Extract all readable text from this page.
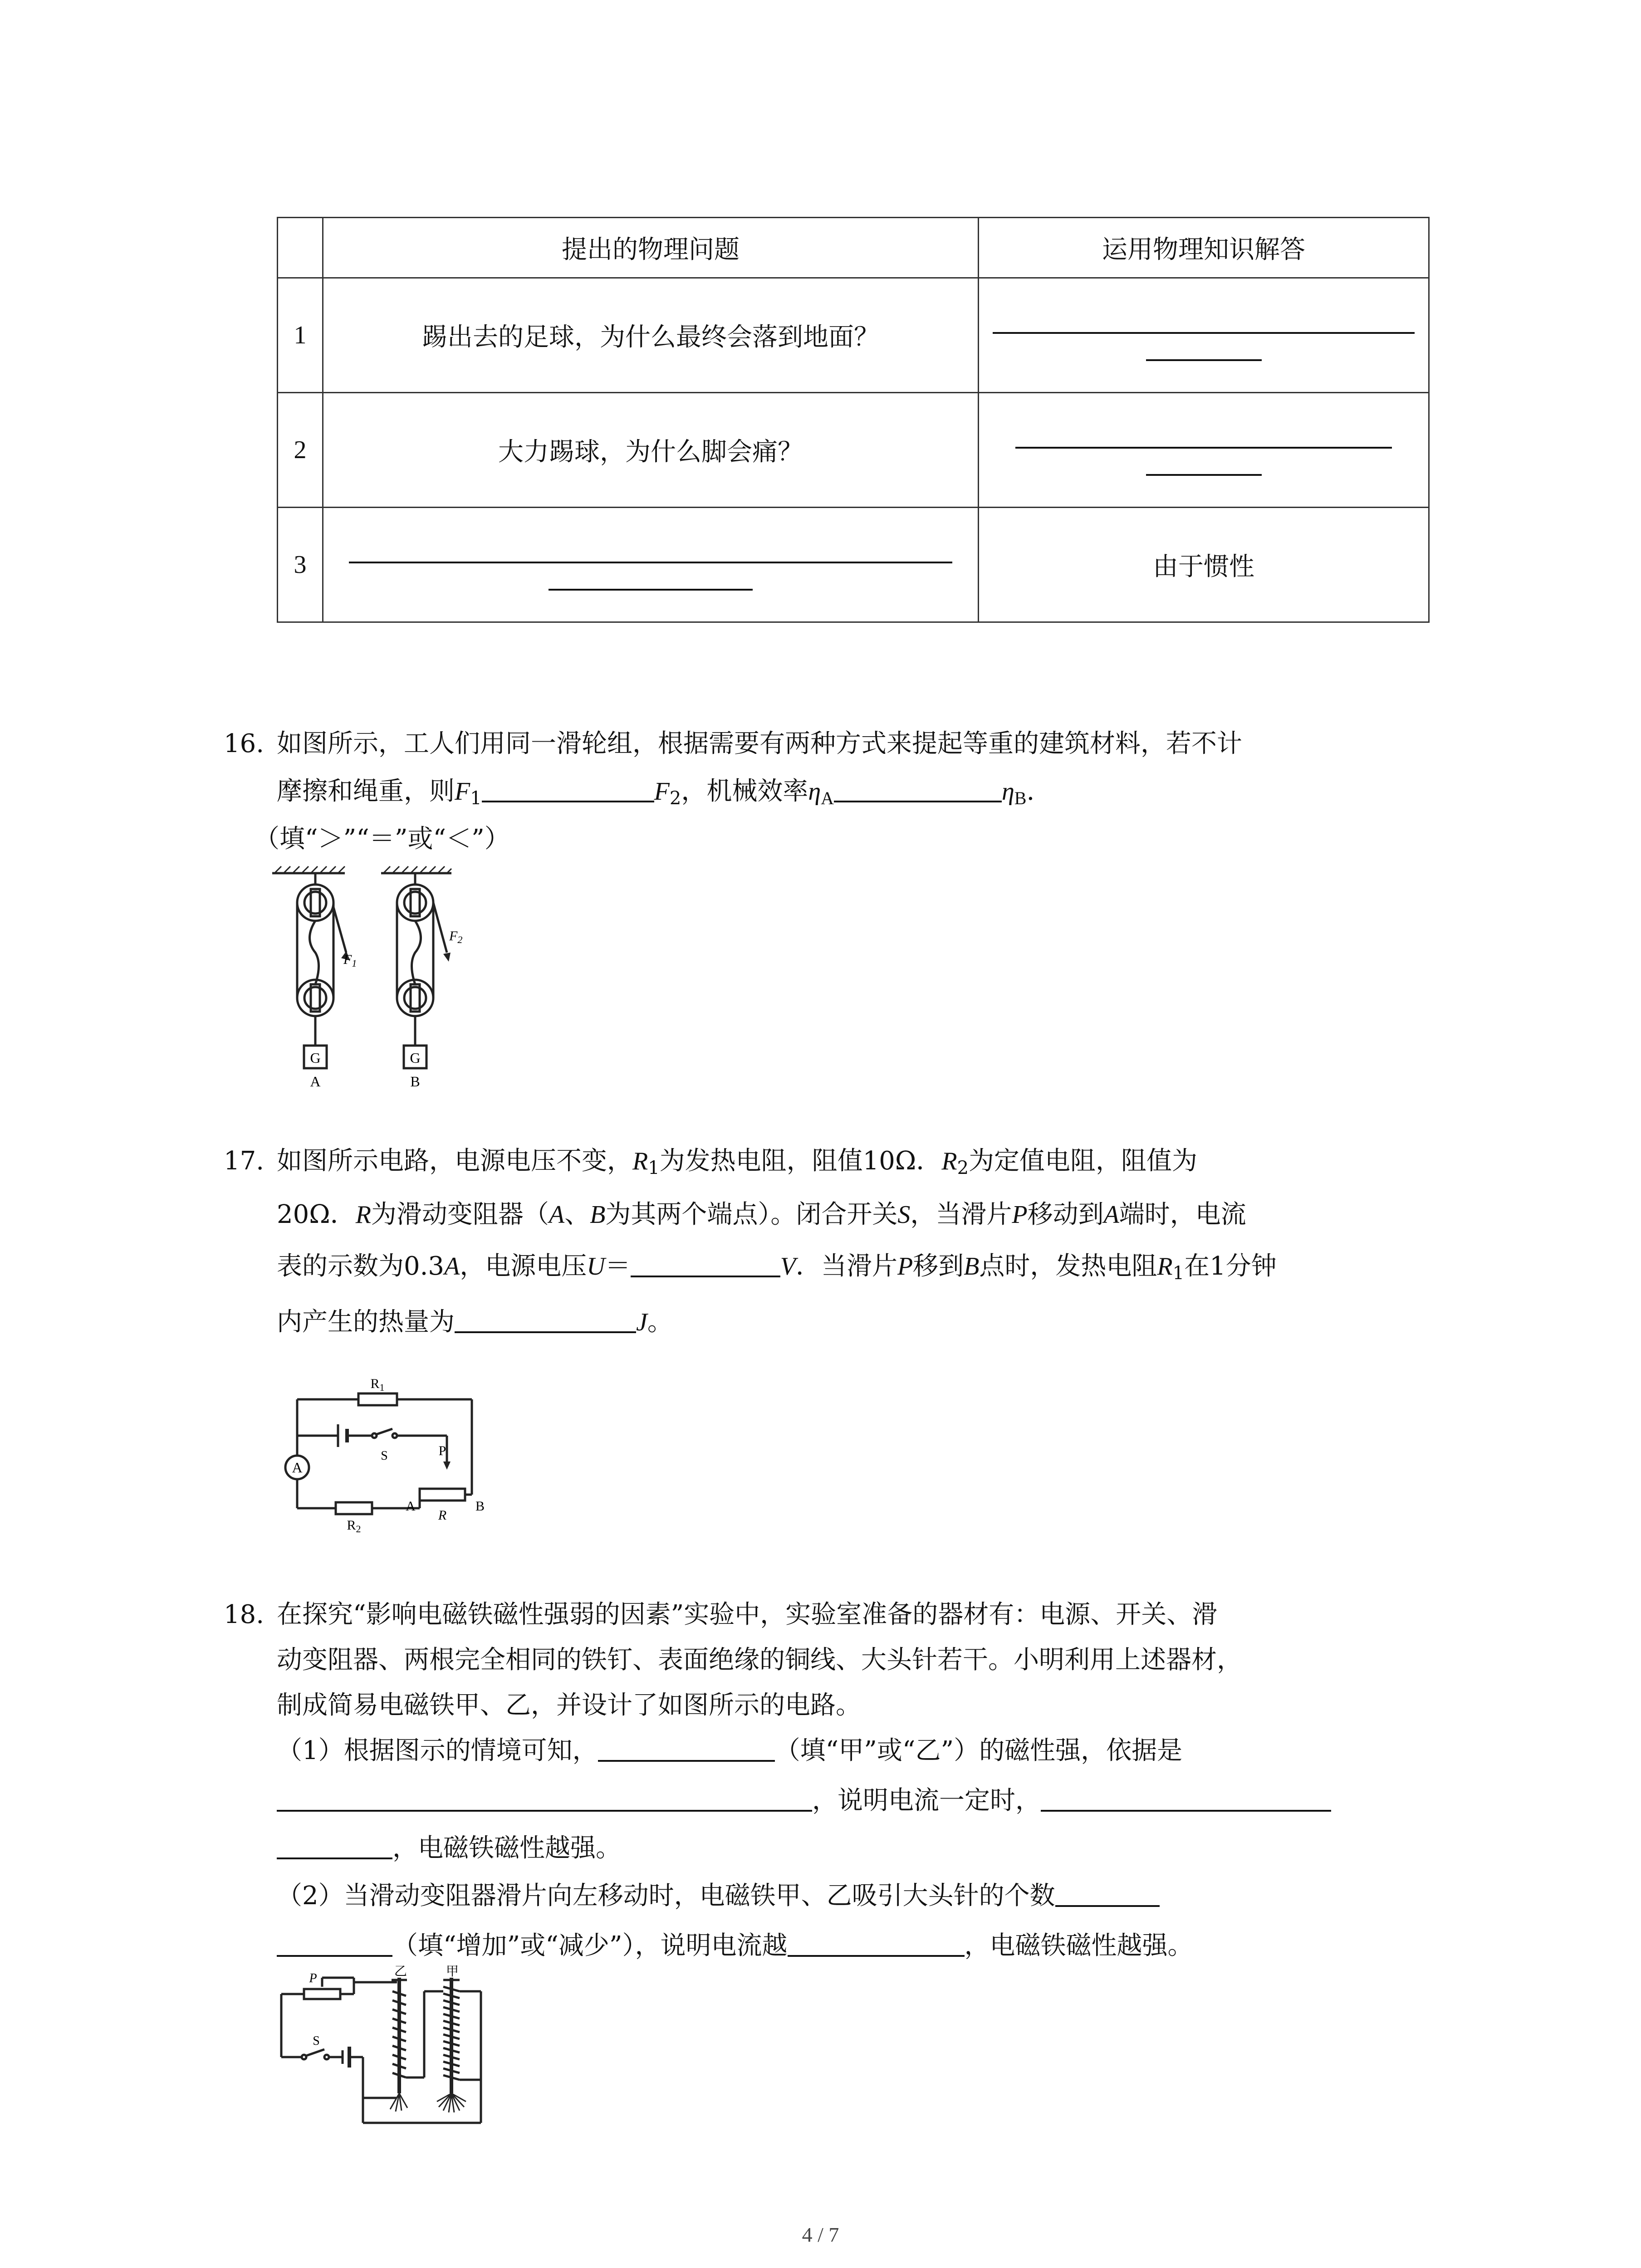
	提出的物理问题	运用物理知识解答
1	踢出去的足球，为什么最终会落到地面？	

2	大力踢球，为什么脚会痛？	

3		由于惯性
16. 如图所示，工人们用同一滑轮组，根据需要有两种方式来提起等重的建筑材料，若不计
摩擦和绳重，则$F_1$	$F_2$，机械效率$\eta_A$	$\eta_B$.
（填“＞”“＝”或“＜”）
$F_1$
$F_2$
G	G
A	B
17. 如图所示电路，电源电压不变，$R_1$为发热电阻，阻值10Ω．$R_2$为定值电阻，阻值为
20Ω．R为滑动变阻器（A、B为其两个端点）。闭合开关S，当滑片P移动到A端时，电流
表的示数为0.3A，电源电压U＝	V．当滑片P移到B点时，发热电阻$R_1$在1分钟
内产生的热量为	J。
$R_1$
S
A
$R_2$
P
A	B
R
18. 在探究“影响电磁铁磁性强弱的因素”实验中，实验室准备的器材有：电源、开关、滑
动变阻器、两根完全相同的铁钉、表面绝缘的铜线、大头针若干。小明利用上述器材，
制成简易电磁铁甲、乙，并设计了如图所示的电路。
（1）根据图示的情境可知，	（填“甲”或“乙”）的磁性强，依据是
，说明电流一定时，
，电磁铁磁性越强。
（2）当滑动变阻器滑片向左移动时，电磁铁甲、乙吸引大头针的个数
（填“增加”或“减少”），说明电流越	，电磁铁磁性越强。
P
S
乙	甲
4 / 7
